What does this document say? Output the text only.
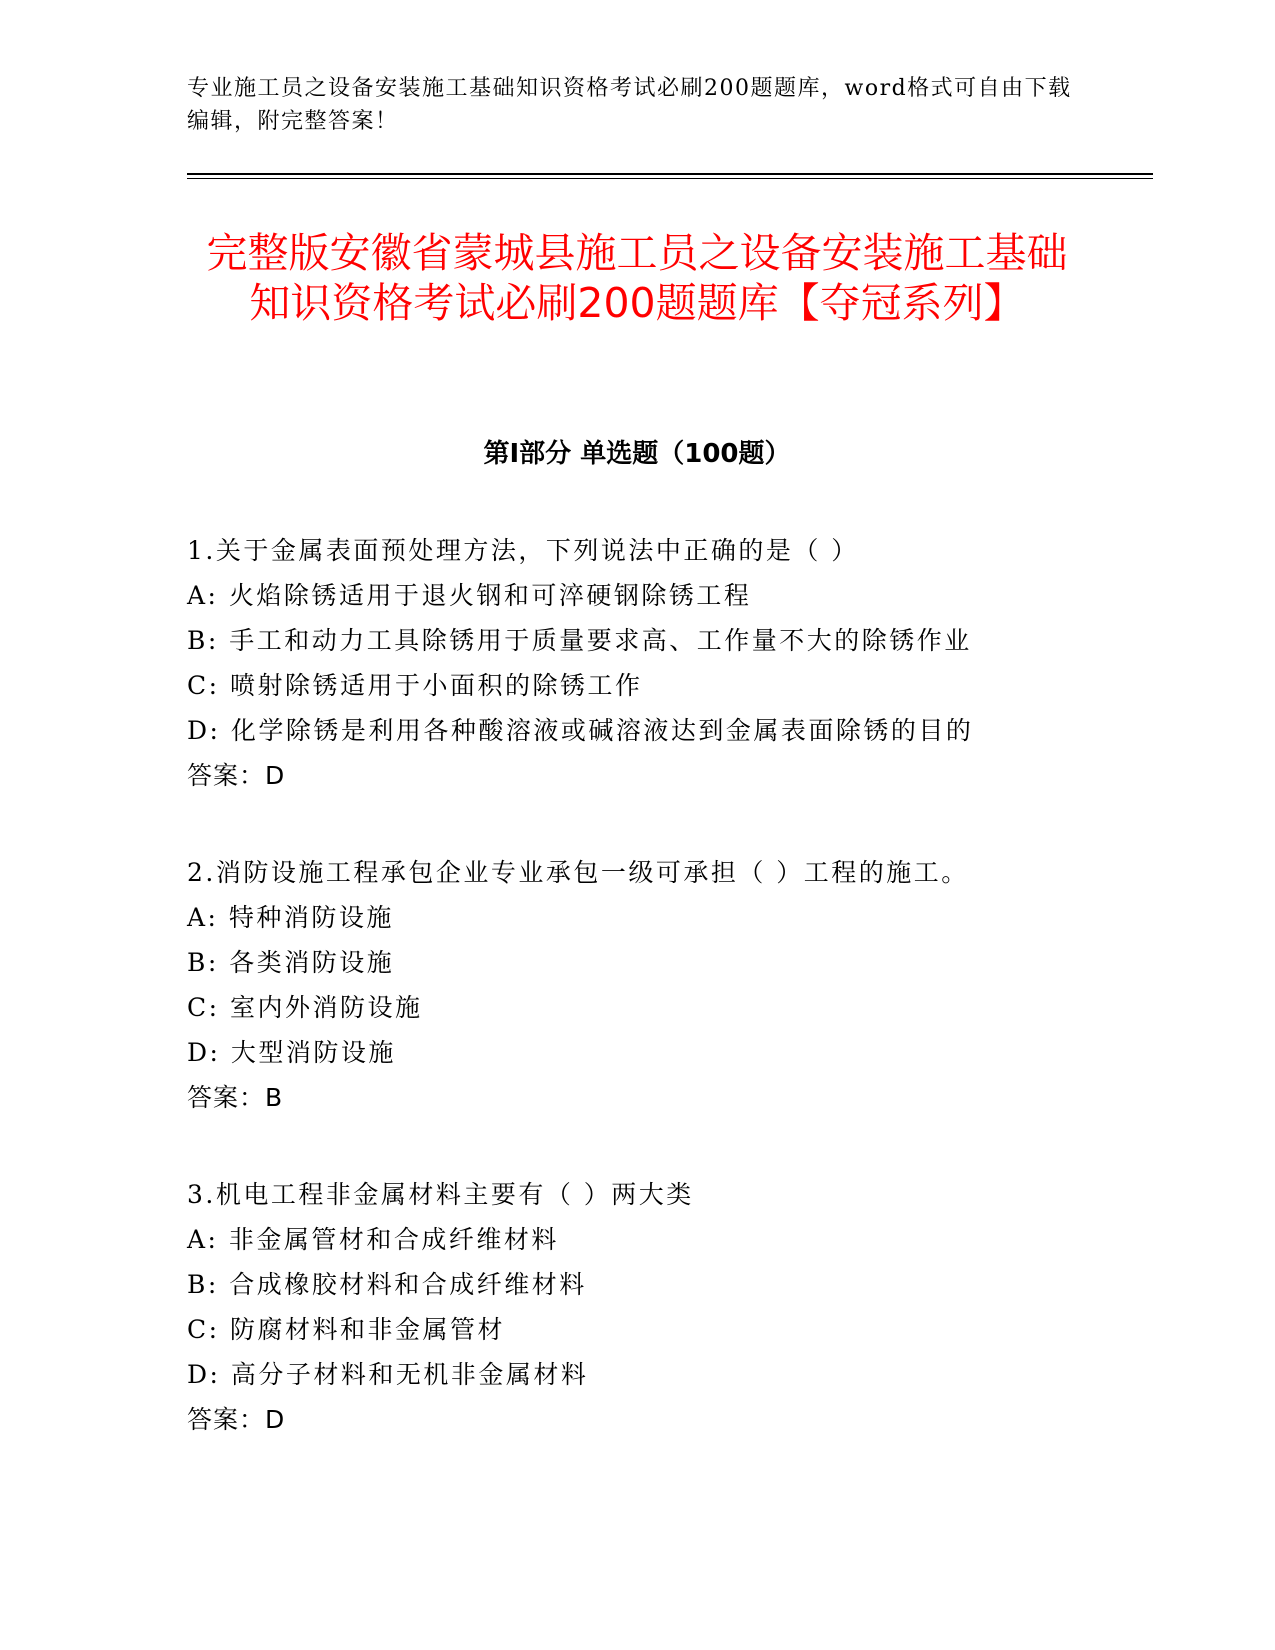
专业施工员之设备安装施工基础知识资格考试必刷200题题库，word格式可自由下载编辑，附完整答案！
完整版安徽省蒙城县施工员之设备安装施工基础知识资格考试必刷200题题库【夺冠系列】
第Ⅰ部分 单选题（100题）
1.关于金属表面预处理方法，下列说法中正确的是（ ）
A: 火焰除锈适用于退火钢和可淬硬钢除锈工程
B: 手工和动力工具除锈用于质量要求高、工作量不大的除锈作业
C: 喷射除锈适用于小面积的除锈工作
D: 化学除锈是利用各种酸溶液或碱溶液达到金属表面除锈的目的
答案：D
2.消防设施工程承包企业专业承包一级可承担（ ）工程的施工。
A: 特种消防设施
B: 各类消防设施
C: 室内外消防设施
D: 大型消防设施
答案：B
3.机电工程非金属材料主要有（ ）两大类
A: 非金属管材和合成纤维材料
B: 合成橡胶材料和合成纤维材料
C: 防腐材料和非金属管材
D: 高分子材料和无机非金属材料
答案：D
